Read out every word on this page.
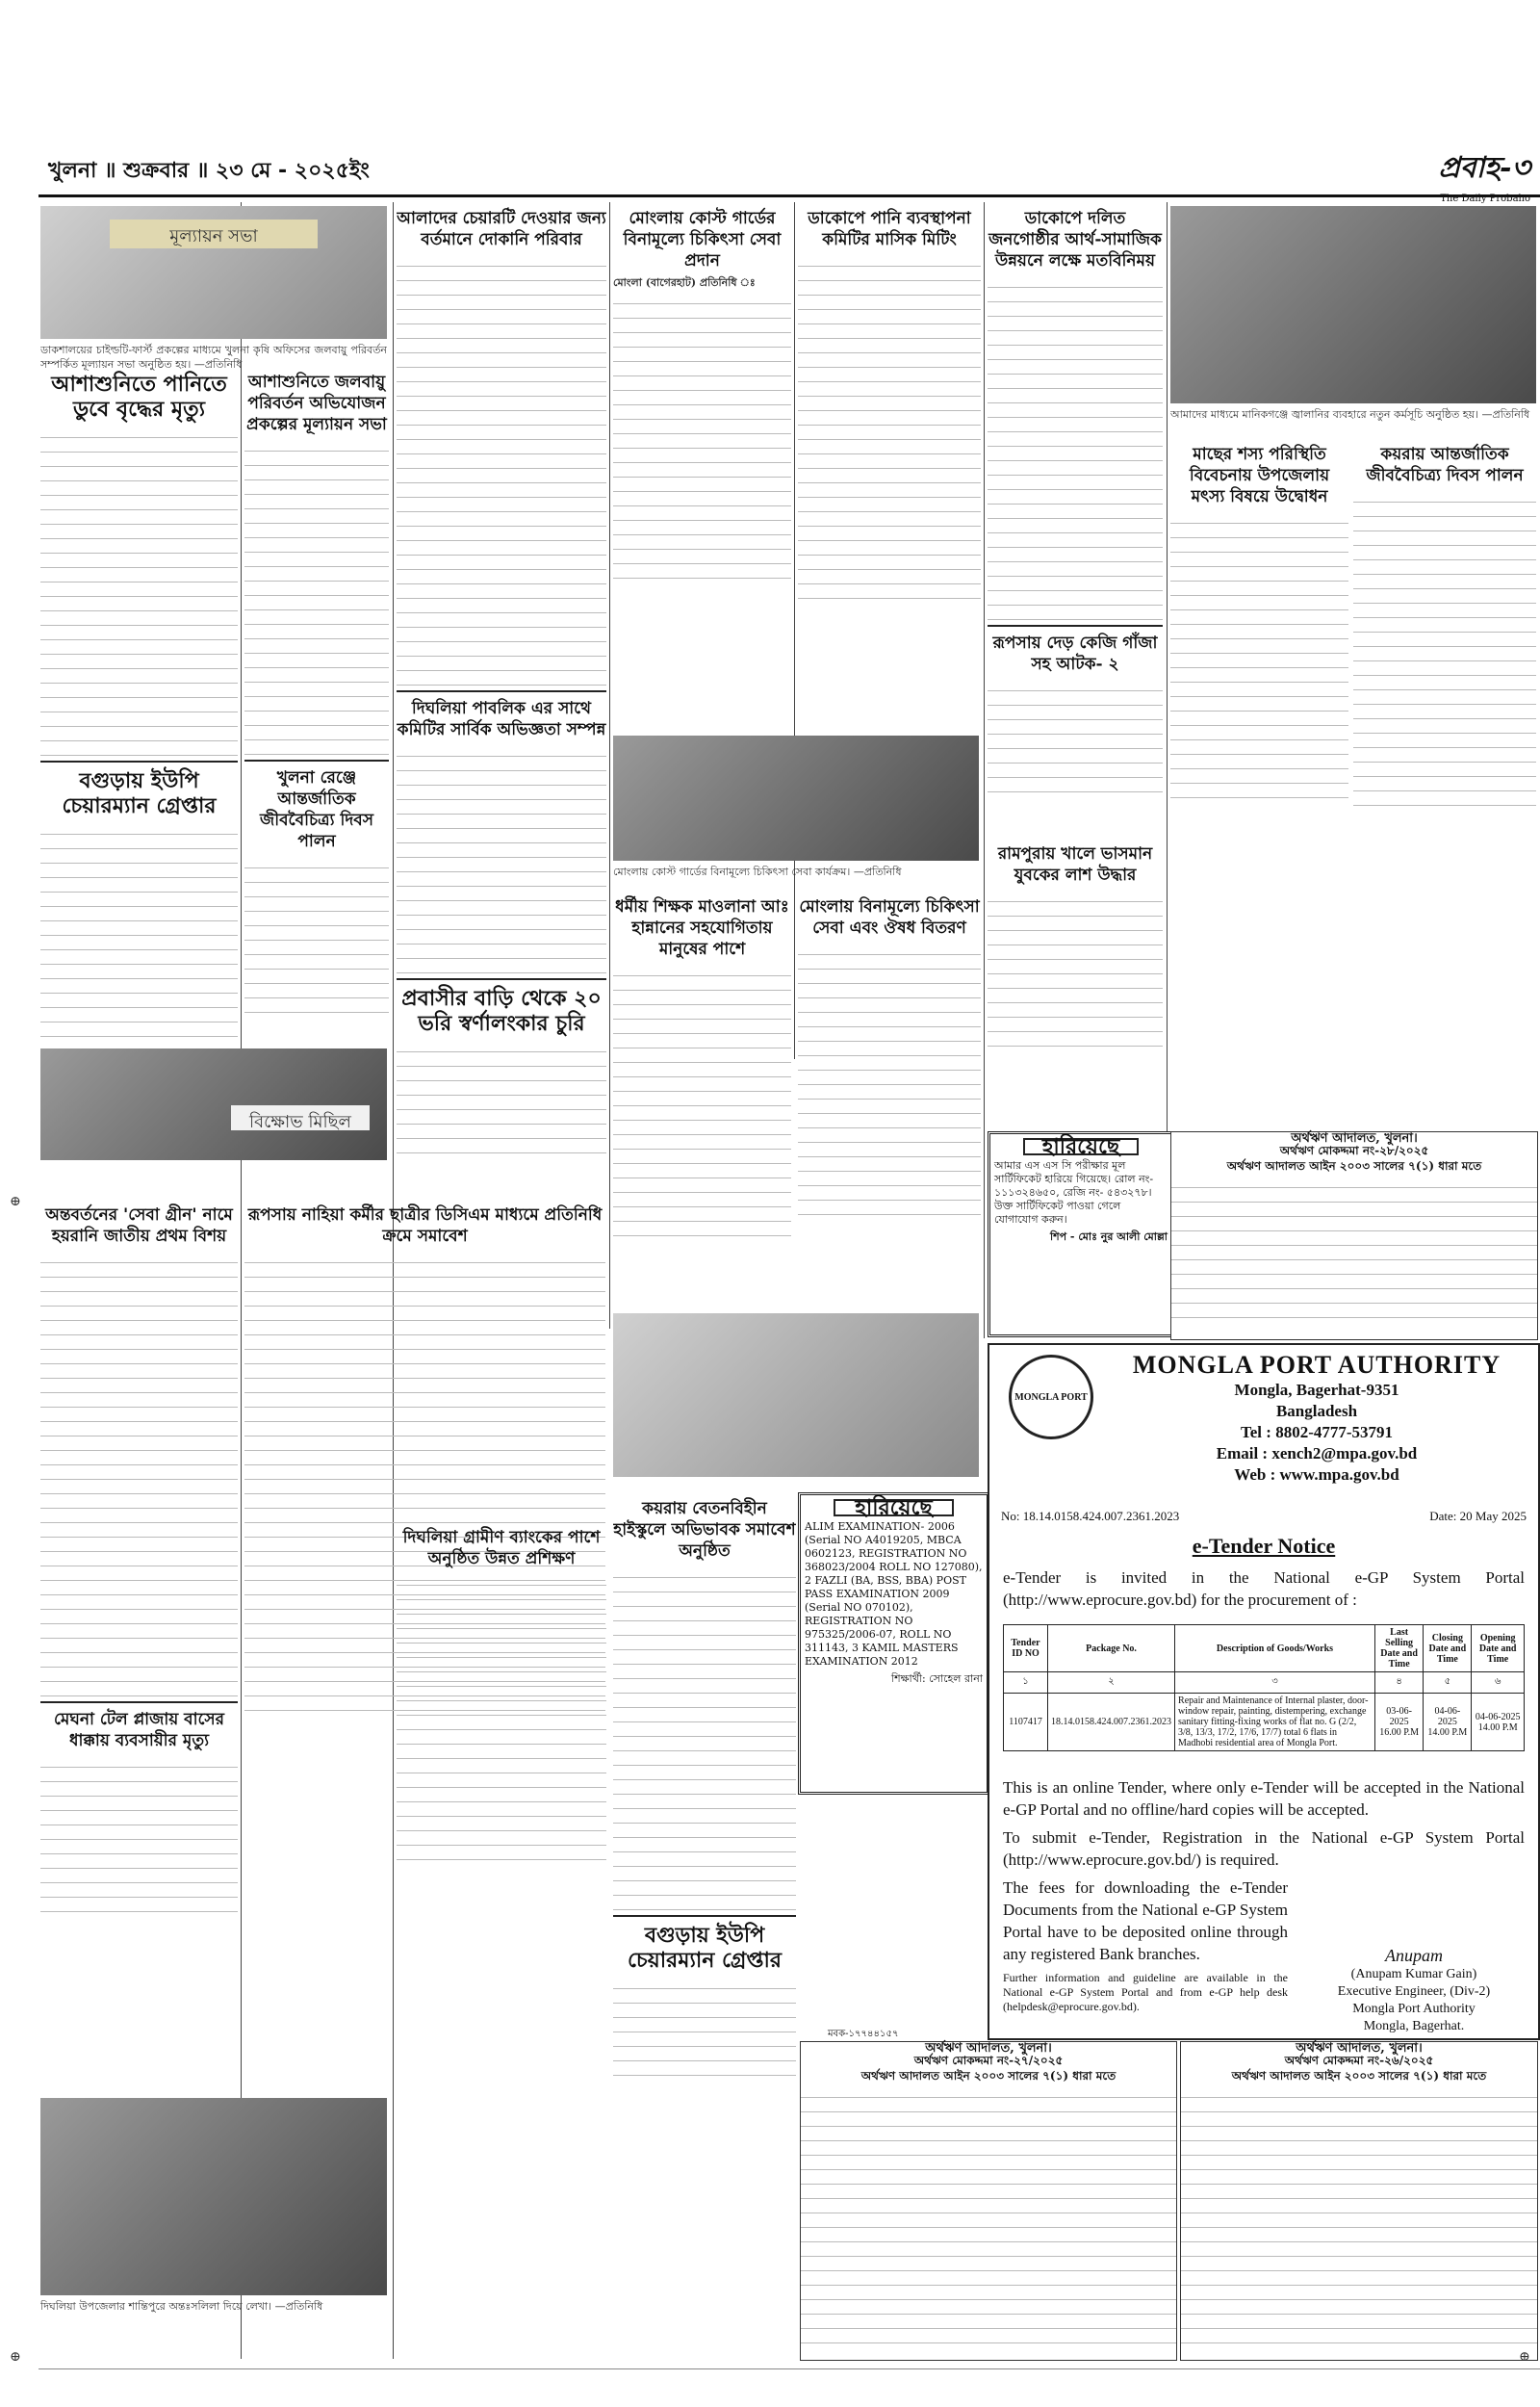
খুলনা ॥ শুক্রবার ॥ ২৩ মে - ২০২৫ইং	প্রবাহ-৩
The Daily Probaho
মূল্যায়ন সভা
ডাকশালয়ের চাইল্ডটি-ফার্স্ট প্রকল্পের মাধ্যমে খুলনা কৃষি অফিসের জলবায়ু পরিবর্তন সম্পর্কিত মূল্যায়ন সভা অনুষ্ঠিত হয়। —প্রতিনিধি
আশাশুনিতে পানিতে ডুবে বৃদ্ধের মৃত্যু
বগুড়ায় ইউপি চেয়ারম্যান গ্রেপ্তার
বিক্ষোভ মিছিল
অন্তবর্তনের 'সেবা গ্রীন' নামে হয়রানি জাতীয় প্রথম বিশয়
মেঘনা টেল প্লাজায় বাসের ধাক্কায় ব্যবসায়ীর মৃত্যু
দিঘলিয়া উপজেলার শান্তিপুরে অন্তঃসলিলা দিয়ে লেখা। —প্রতিনিধি
আশাশুনিতে জলবায়ু পরিবর্তন অভিযোজন প্রকল্পের মূল্যায়ন সভা
খুলনা রেঞ্জে আন্তর্জাতিক জীববৈচিত্র্য দিবস পালন
রূপসায় নাহিয়া কর্মীর ছাত্রীর ডিসিএম মাধ্যমে প্রতিনিধি ক্রমে সমাবেশ
আলাদের চেয়ারটি দেওয়ার জন্য বর্তমানে দোকানি পরিবার
দিঘলিয়া পাবলিক এর সাথে কমিটির সার্বিক অভিজ্ঞতা সম্পন্ন
প্রবাসীর বাড়ি থেকে ২০ ভরি স্বর্ণালংকার চুরি
দিঘলিয়া গ্রামীণ ব্যাংকের পাশে অনুষ্ঠিত উন্নত প্রশিক্ষণ
মোংলায় কোস্ট গার্ডের বিনামূল্যে চিকিৎসা সেবা প্রদান
মোংলা (বাগেরহাট) প্রতিনিধি ঃ
মোংলায় কোস্ট গার্ডের বিনামূল্যে চিকিৎসা সেবা কার্যক্রম। —প্রতিনিধি
ধর্মীয় শিক্ষক মাওলানা আঃ হান্নানের সহযোগিতায় মানুষের পাশে
কয়রায় বেতনবিহীন হাইস্কুলে অভিভাবক সমাবেশ অনুষ্ঠিত
বগুড়ায় ইউপি চেয়ারম্যান গ্রেপ্তার
ডাকোপে পানি ব্যবস্থাপনা কমিটির মাসিক মিটিং
মোংলায় বিনামূল্যে চিকিৎসা সেবা এবং ঔষধ বিতরণ
হারিয়েছে
ALIM EXAMINATION- 2006 (Serial NO A4019205, MBCA 0602123, REGISTRATION NO 368023/2004 ROLL NO 127080), 2 FAZLI (BA, BSS, BBA) POST PASS EXAMINATION 2009 (Serial NO 070102), REGISTRATION NO 975325/2006-07, ROLL NO 311143, 3 KAMIL MASTERS EXAMINATION 2012
শিক্ষার্থী: সোহেল রানা
ডাকোপে দলিত জনগোষ্ঠীর আর্থ-সামাজিক উন্নয়নে লক্ষে মতবিনিময়
রূপসায় দেড় কেজি গাঁজা সহ আটক- ২
রামপুরায় খালে ভাসমান যুবকের লাশ উদ্ধার
হারিয়েছে
আমার এস এস সি পরীক্ষার মূল সার্টিফিকেট হারিয়ে গিয়েছে। রোল নং- ১১১৩২৪৬৫০, রেজি নং- ৫৪৩২৭৮। উক্ত সার্টিফিকেট পাওয়া গেলে যোগাযোগ করুন।
শিপ - মোঃ নুর আলী মোল্লা
আমাদের মাধ্যমে মানিকগঞ্জে জ্বালানির ব্যবহারে নতুন কর্মসূচি অনুষ্ঠিত হয়। —প্রতিনিধি
মাছের শস্য পরিস্থিতি বিবেচনায় উপজেলায় মৎস্য বিষয়ে উদ্বোধন
কয়রায় আন্তর্জাতিক জীববৈচিত্র্য দিবস পালন
অর্থঋণ আদালত, খুলনা।
অর্থঋণ মোকদ্দমা নং-২৮/২০২৫
অর্থঋণ আদালত আইন ২০০৩ সালের ৭(১) ধারা মতে
MONGLA PORT
MONGLA PORT AUTHORITY
Mongla, Bagerhat-9351
Bangladesh
Tel : 8802-4777-53791
Email : xench2@mpa.gov.bd
Web : www.mpa.gov.bd
No: 18.14.0158.424.007.2361.2023	Date: 20 May 2025
e-Tender Notice
e-Tender is invited in the National e-GP System Portal (http://www.eprocure.gov.bd) for the procurement of :
Tender ID NO	Package No.	Description of Goods/Works	Last Selling Date and Time	Closing Date and Time	Opening Date and Time
১	২	৩	৪	৫	৬
1107417	18.14.0158.424.007.2361.2023	Repair and Maintenance of Internal plaster, door-window repair, painting, distempering, exchange sanitary fitting-fixing works of flat no. G (2/2, 3/8, 13/3, 17/2, 17/6, 17/7) total 6 flats in Madhobi residential area of Mongla Port.	03-06-2025 16.00 P.M	04-06-2025 14.00 P.M	04-06-2025 14.00 P.M
This is an online Tender, where only e-Tender will be accepted in the National e-GP Portal and no offline/hard copies will be accepted.
To submit e-Tender, Registration in the National e-GP System Portal (http://www.eprocure.gov.bd/) is required.
The fees for downloading the e-Tender Documents from the National e-GP System Portal have to be deposited online through any registered Bank branches.
Further information and guideline are available in the National e-GP System Portal and from e-GP help desk (helpdesk@eprocure.gov.bd).
Anupam
(Anupam Kumar Gain)
Executive Engineer, (Div-2)
Mongla Port Authority
Mongla, Bagerhat.
অর্থঋণ আদালত, খুলনা।
অর্থঋণ মোকদ্দমা নং-২৭/২০২৫
অর্থঋণ আদালত আইন ২০০৩ সালের ৭(১) ধারা মতে
অর্থঋণ আদালত, খুলনা।
অর্থঋণ মোকদ্দমা নং-২৬/২০২৫
অর্থঋণ আদালত আইন ২০০৩ সালের ৭(১) ধারা মতে
মবক-১৭৭৪৪১৫৭
⊕
⊕	⊕
